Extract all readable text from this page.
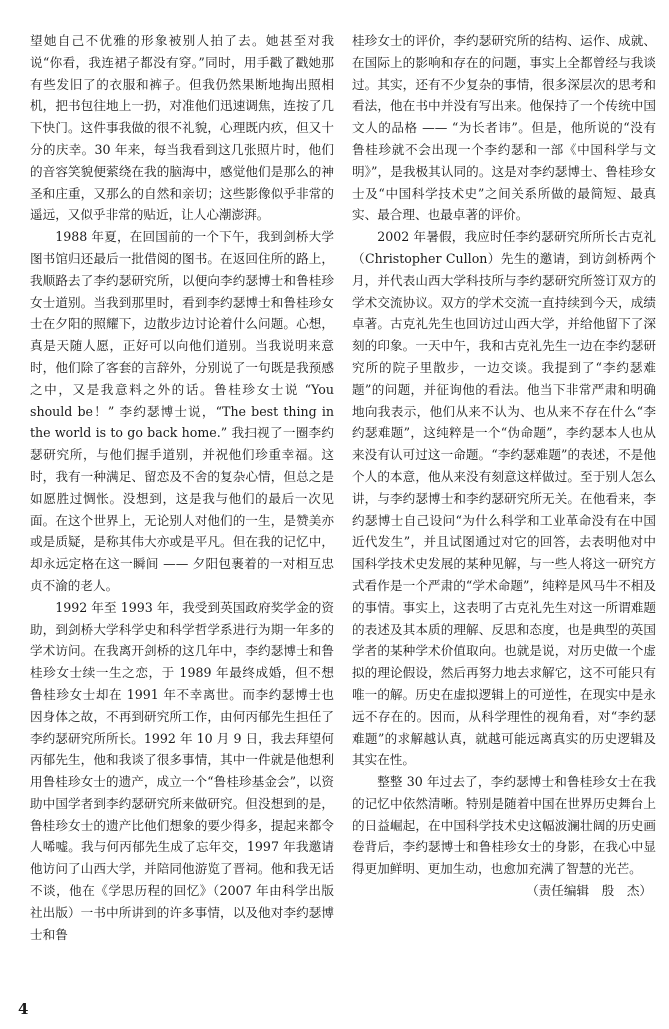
望她自己不优雅的形象被别人拍了去。她甚至对我说“你看，我连裙子都没有穿。”同时，用手戳了戳她那有些发旧了的衣服和裤子。但我仍然果断地掏出照相机，把书包往地上一扔，对准他们迅速调焦，连按了几下快门。这件事我做的很不礼貌，心理既内疚，但又十分的庆幸。30 年来，每当我看到这几张照片时，他们的音容笑貌便萦绕在我的脑海中，感觉他们是那么的神圣和庄重，又那么的自然和亲切；这些影像似乎非常的遥远，又似乎非常的贴近，让人心潮澎湃。

1988 年夏，在回国前的一个下午，我到剑桥大学图书馆归还最后一批借阅的图书。在返回住所的路上，我顺路去了李约瑟研究所，以便向李约瑟博士和鲁桂珍女士道别。当我到那里时，看到李约瑟博士和鲁桂珍女士在夕阳的照耀下，边散步边讨论着什么问题。心想，真是天随人愿，正好可以向他们道别。当我说明来意时，他们除了客套的言辞外，分别说了一句既是我预感之中，又是我意料之外的话。鲁桂珍女士说 “You should be！” 李约瑟博士说，“The best thing in the world is to go back home.” 我扫视了一圈李约瑟研究所，与他们握手道别，并祝他们珍重幸福。这时，我有一种满足、留恋及不舍的复杂心情，但总之是如愿胜过惆怅。没想到，这是我与他们的最后一次见面。在这个世界上，无论别人对他们的一生，是赞美亦或是质疑，是称其伟大亦或是平凡。但在我的记忆中，却永远定格在这一瞬间 —— 夕阳包裹着的一对相互忠贞不渝的老人。

1992 年至 1993 年，我受到英国政府奖学金的资助，到剑桥大学科学史和科学哲学系进行为期一年多的学术访问。在我离开剑桥的这几年中，李约瑟博士和鲁桂珍女士续一生之恋，于 1989 年最终成婚，但不想鲁桂珍女士却在 1991 年不幸离世。而李约瑟博士也因身体之故，不再到研究所工作，由何丙郁先生担任了李约瑟研究所所长。1992 年 10 月 9 日，我去拜望何丙郁先生，他和我谈了很多事情，其中一件就是他想利用鲁桂珍女士的遗产，成立一个“鲁桂珍基金会”，以资助中国学者到李约瑟研究所来做研究。但没想到的是，鲁桂珍女士的遗产比他们想象的要少得多，提起来都令人唏嘘。我与何丙郁先生成了忘年交，1997 年我邀请他访问了山西大学，并陪同他游览了晋祠。他和我无话不谈，他在《学思历程的回忆》（2007 年由科学出版社出版）一书中所讲到的许多事情，以及他对李约瑟博士和鲁

桂珍女士的评价，李约瑟研究所的结构、运作、成就、在国际上的影响和存在的问题，事实上全都曾经与我谈过。其实，还有不少复杂的事情，很多深层次的思考和看法，他在书中并没有写出来。他保持了一个传统中国文人的品格 —— “为长者讳”。但是，他所说的“没有鲁桂珍就不会出现一个李约瑟和一部《中国科学与文明》”，是我极其认同的。这是对李约瑟博士、鲁桂珍女士及“中国科学技术史”之间关系所做的最简短、最真实、最合理、也最卓著的评价。

2002 年暑假，我应时任李约瑟研究所所长古克礼（Christopher Cullon）先生的邀请，到访剑桥两个月，并代表山西大学科技所与李约瑟研究所签订双方的学术交流协议。双方的学术交流一直持续到今天，成绩卓著。古克礼先生也回访过山西大学，并给他留下了深刻的印象。一天中午，我和古克礼先生一边在李约瑟研究所的院子里散步，一边交谈。我提到了“李约瑟难题”的问题，并征询他的看法。他当下非常严肃和明确地向我表示，他们从来不认为、也从来不存在什么“李约瑟难题”，这纯粹是一个“伪命题”，李约瑟本人也从来没有认可过这一命题。“李约瑟难题”的表述，不是他个人的本意，他从来没有刻意这样做过。至于别人怎么讲，与李约瑟博士和李约瑟研究所无关。在他看来，李约瑟博士自己设问“为什么科学和工业革命没有在中国近代发生”，并且试图通过对它的回答，去表明他对中国科学技术史发展的某种见解，与一些人将这一研究方式看作是一个严肃的“学术命题”，纯粹是风马牛不相及的事情。事实上，这表明了古克礼先生对这一所谓难题的表述及其本质的理解、反思和态度，也是典型的英国学者的某种学术价值取向。也就是说，对历史做一个虚拟的理论假设，然后再努力地去求解它，这不可能只有唯一的解。历史在虚拟逻辑上的可逆性，在现实中是永远不存在的。因而，从科学理性的视角看，对“李约瑟难题”的求解越认真，就越可能远离真实的历史逻辑及其实在性。

整整 30 年过去了，李约瑟博士和鲁桂珍女士在我的记忆中依然清晰。特别是随着中国在世界历史舞台上的日益崛起，在中国科学技术史这幅波澜壮阔的历史画卷背后，李约瑟博士和鲁桂珍女士的身影，在我心中显得更加鲜明、更加生动，也愈加充满了智慧的光芒。

（责任编辑　殷　杰）

4
